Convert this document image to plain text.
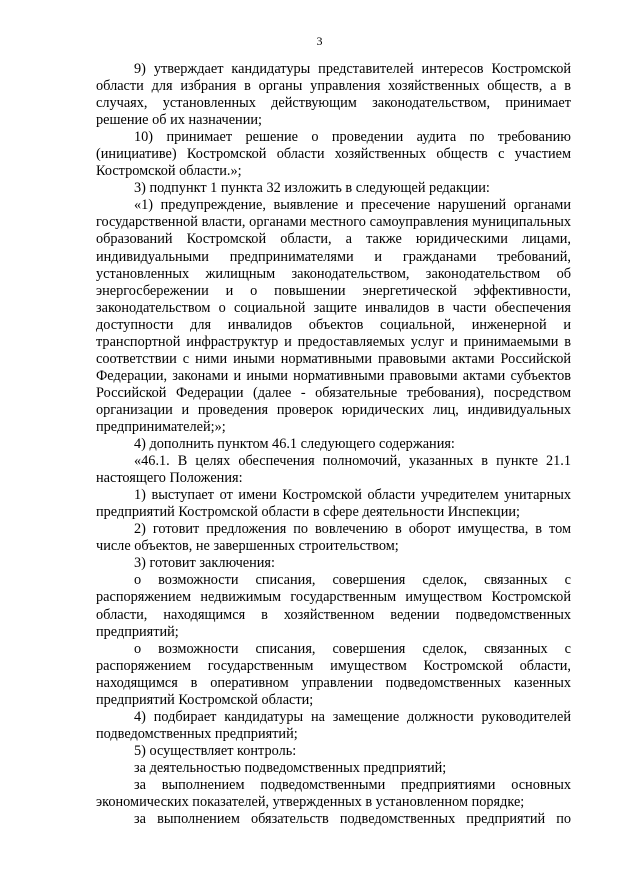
3

9) утверждает кандидатуры представителей интересов Костромской области для избрания в органы управления хозяйственных обществ, а в случаях, установленных действующим законодательством, принимает решение об их назначении;

10) принимает решение о проведении аудита по требованию (инициативе) Костромской области хозяйственных обществ с участием Костромской области.»;

3) подпункт 1 пункта 32 изложить в следующей редакции:

«1) предупреждение, выявление и пресечение нарушений органами государственной власти, органами местного самоуправления муниципальных образований Костромской области, а также юридическими лицами, индивидуальными предпринимателями и гражданами требований, установленных жилищным законодательством, законодательством об энергосбережении и о повышении энергетической эффективности, законодательством о социальной защите инвалидов в части обеспечения доступности для инвалидов объектов социальной, инженерной и транспортной инфраструктур и предоставляемых услуг и принимаемыми в соответствии с ними иными нормативными правовыми актами Российской Федерации, законами и иными нормативными правовыми актами субъектов Российской Федерации (далее - обязательные требования), посредством организации и проведения проверок юридических лиц, индивидуальных предпринимателей;»;

4) дополнить пунктом 46.1 следующего содержания:

«46.1. В целях обеспечения полномочий, указанных в пункте 21.1 настоящего Положения:

1) выступает от имени Костромской области учредителем унитарных предприятий Костромской области в сфере деятельности Инспекции;

2) готовит предложения по вовлечению в оборот имущества, в том числе объектов, не завершенных строительством;

3) готовит заключения:

о возможности списания, совершения сделок, связанных с распоряжением недвижимым государственным имуществом Костромской области, находящимся в хозяйственном ведении подведомственных предприятий;

о возможности списания, совершения сделок, связанных с распоряжением государственным имуществом Костромской области, находящимся в оперативном управлении подведомственных казенных предприятий Костромской области;

4) подбирает кандидатуры на замещение должности руководителей подведомственных предприятий;

5) осуществляет контроль:

за деятельностью подведомственных предприятий;

за выполнением подведомственными предприятиями основных экономических показателей, утвержденных в установленном порядке;

за выполнением обязательств подведомственных предприятий по
